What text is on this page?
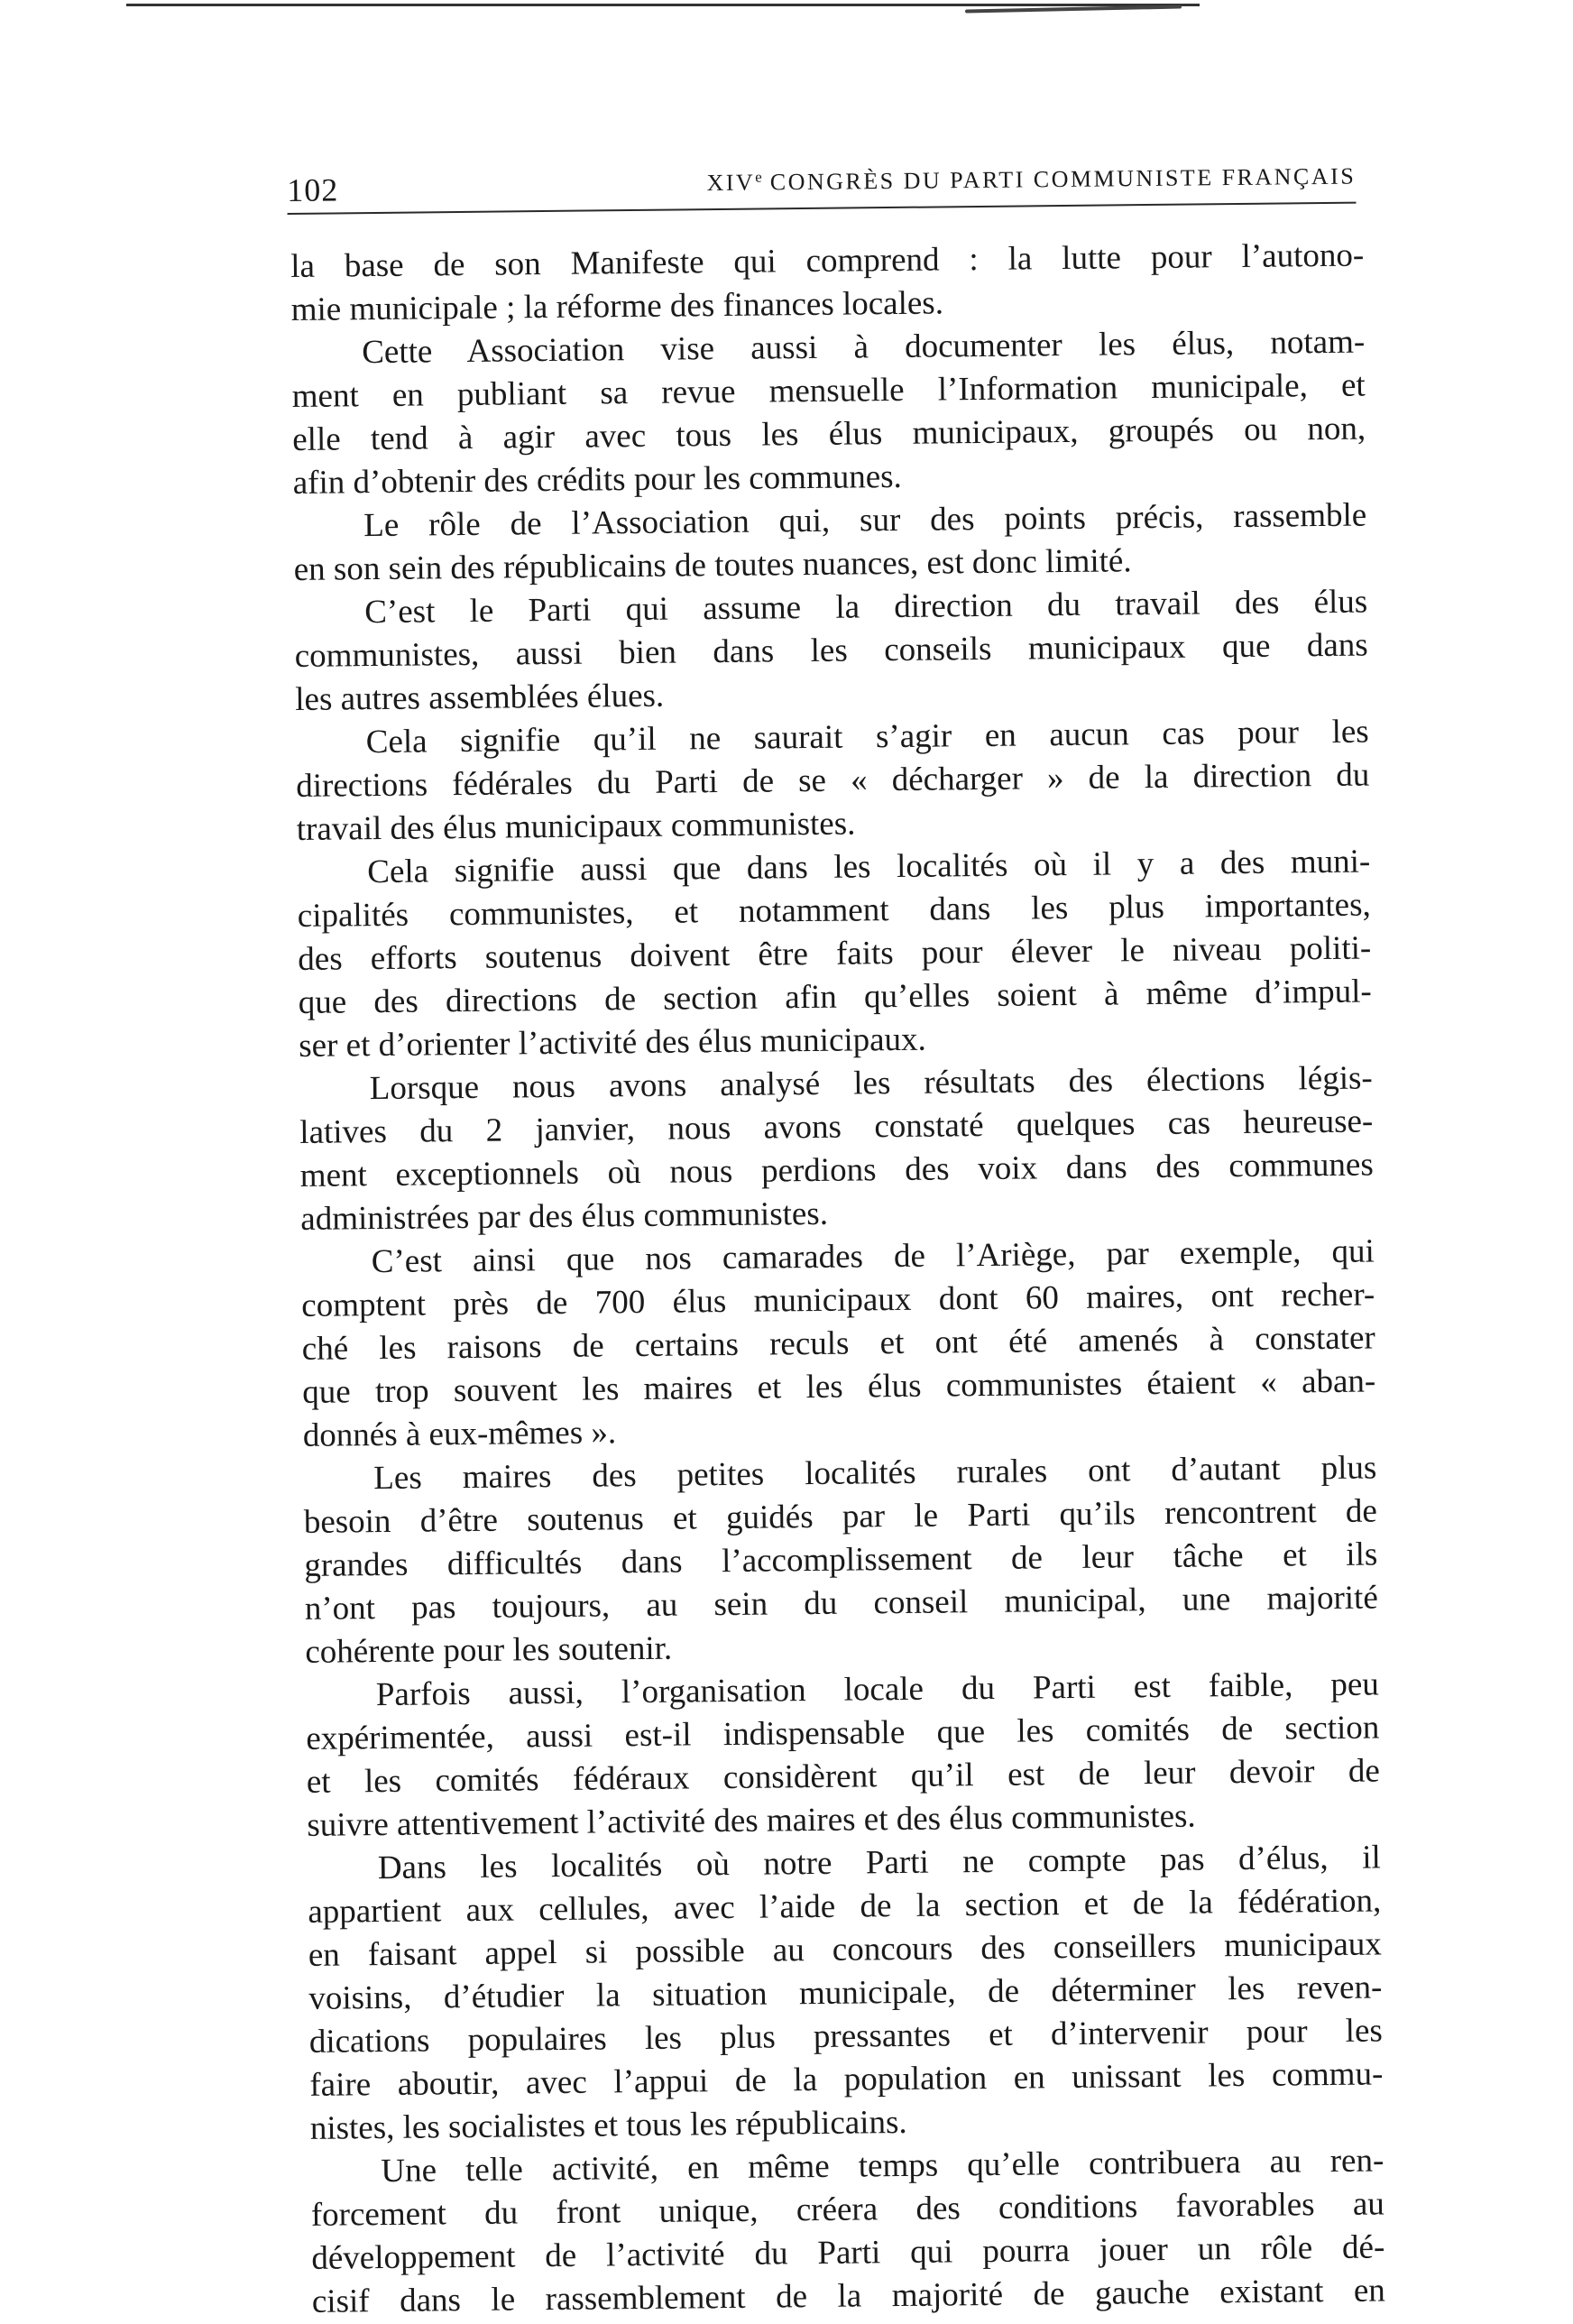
102	XIVe CONGRÈS DU PARTI COMMUNISTE FRANÇAIS
la base de son Manifeste qui comprend : la lutte pour l’autono-
mie municipale ; la réforme des finances locales.
Cette Association vise aussi à documenter les élus, notam-
ment en publiant sa revue mensuelle l’Information municipale, et
elle tend à agir avec tous les élus municipaux, groupés ou non,
afin d’obtenir des crédits pour les communes.
Le rôle de l’Association qui, sur des points précis, rassemble
en son sein des républicains de toutes nuances, est donc limité.
C’est le Parti qui assume la direction du travail des élus
communistes, aussi bien dans les conseils municipaux que dans
les autres assemblées élues.
Cela signifie qu’il ne saurait s’agir en aucun cas pour les
directions fédérales du Parti de se « décharger » de la direction du
travail des élus municipaux communistes.
Cela signifie aussi que dans les localités où il y a des muni-
cipalités communistes, et notamment dans les plus importantes,
des efforts soutenus doivent être faits pour élever le niveau politi-
que des directions de section afin qu’elles soient à même d’impul-
ser et d’orienter l’activité des élus municipaux.
Lorsque nous avons analysé les résultats des élections légis-
latives du 2 janvier, nous avons constaté quelques cas heureuse-
ment exceptionnels où nous perdions des voix dans des communes
administrées par des élus communistes.
C’est ainsi que nos camarades de l’Ariège, par exemple, qui
comptent près de 700 élus municipaux dont 60 maires, ont recher-
ché les raisons de certains reculs et ont été amenés à constater
que trop souvent les maires et les élus communistes étaient « aban-
donnés à eux-mêmes ».
Les maires des petites localités rurales ont d’autant plus
besoin d’être soutenus et guidés par le Parti qu’ils rencontrent de
grandes difficultés dans l’accomplissement de leur tâche et ils
n’ont pas toujours, au sein du conseil municipal, une majorité
cohérente pour les soutenir.
Parfois aussi, l’organisation locale du Parti est faible, peu
expérimentée, aussi est-il indispensable que les comités de section
et les comités fédéraux considèrent qu’il est de leur devoir de
suivre attentivement l’activité des maires et des élus communistes.
Dans les localités où notre Parti ne compte pas d’élus, il
appartient aux cellules, avec l’aide de la section et de la fédération,
en faisant appel si possible au concours des conseillers municipaux
voisins, d’étudier la situation municipale, de déterminer les reven-
dications populaires les plus pressantes et d’intervenir pour les
faire aboutir, avec l’appui de la population en unissant les commu-
nistes, les socialistes et tous les républicains.
Une telle activité, en même temps qu’elle contribuera au ren-
forcement du front unique, créera des conditions favorables au
développement de l’activité du Parti qui pourra jouer un rôle dé-
cisif dans le rassemblement de la majorité de gauche existant en
